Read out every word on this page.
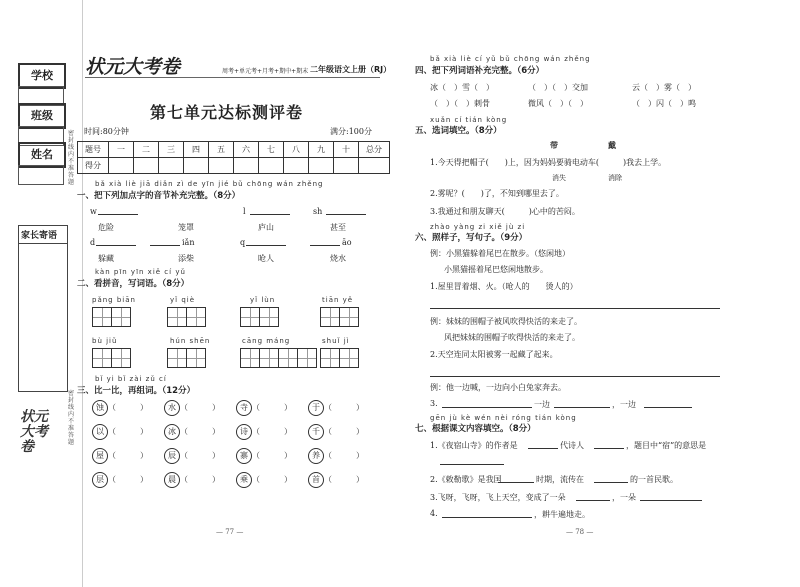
学校
班级
姓名
家长寄语
密封线内不准答题
密封线内不准答题
状元大考卷
状元大考卷	周考+单元考+月考+期中+期末 二年级语文上册（RJ）
第七单元达标测评卷
时间:80分钟	满分:100分
题号	一	二	三	四	五	六	七	八	九	十	总分
得分											
bǎ xià liè jiā diǎn zì de yīn jié bǔ chōng wán zhěng
一、把下列加点字的音节补充完整。（8分）
w	l	sh
危险	笼罩	庐山	甚至
d	iǎn	q	āo
躲藏	添柴	呛人	烧水
kàn pīn yīn xiě cí yǔ
二、看拼音，写词语。（8分）
pǎng biān	yǐ qiè	yǐ lùn	tiān yě
bù jiǔ	hún shēn	cāng máng	shuǐ jì
bǐ yi bǐ zài zǔ cí
三、比一比，再组词。（12分）
蚀 （　　　）	水 （　　　）	寺 （　　　）	于 （　　　）
以 （　　　）	冰 （　　　）	诗 （　　　）	千 （　　　）
屋 （　　　）	辰 （　　　）	寨 （　　　）	养 （　　　）
层 （　　　）	晨 （　　　）	乘 （　　　）	首 （　　　）
— 77 —
bǎ xià liè cí yǔ bǔ chōng wán zhěng
四、把下列词语补充完整。（6分）
冰（　）雪（　）	（　）（　）交加	云（　）雾（　）
（　）（　）刺骨	微风（　）（　）	（　）闪（　）鸣
xuǎn cí tián kòng
五、选词填空。（8分）
带	戴
1.今天得把帽子(　　)上，因为妈妈要骑电动车(　　　)我去上学。
消失	消除
2.雾呢？(　　)了，不知到哪里去了。
3.我通过和朋友聊天(　　　)心中的苦闷。
zhào yàng zi xiě jù zi
六、照样子，写句子。（9分）
例：小黑猫躲着尾巴在散步。（悠闲地）
小黑猫摇着尾巴悠闲地散步。
1.屋里冒着烟、火。（呛人的　　烫人的）
例：妹妹的围帽子被风吹得快活的来走了。
风把妹妹的围帽子吹得快活的来走了。
2.天空连同太阳被雾一起藏了起来。
例：他一边喊，一边向小白兔家奔去。
3.	一边	，一边
gēn jù kè wén nèi róng tián kòng
七、根据课文内容填空。（8分）
1.《夜宿山寺》的作者是	代诗人	，题目中“宿”的意思是
2.《敕勒歌》是我国	时期，流传在	的一首民歌。
3.飞呀，飞呀，飞上天空，变成了一朵	，一朵
4.	，耕牛遍地走。
— 78 —
